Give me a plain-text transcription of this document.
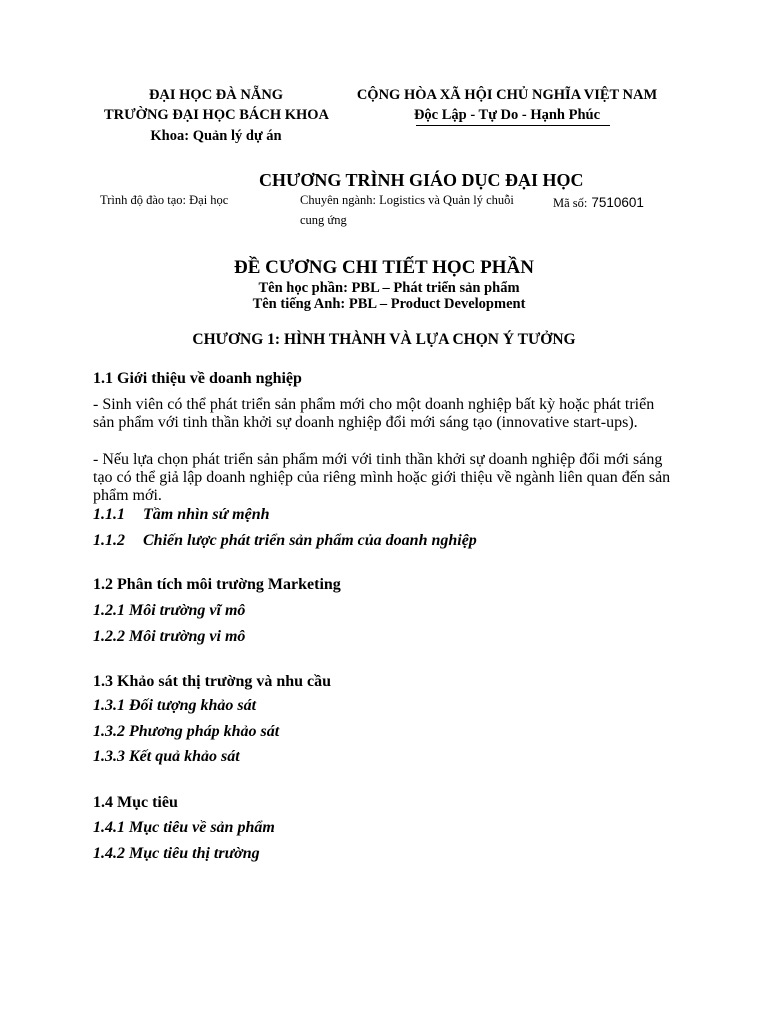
ĐẠI HỌC ĐÀ NẴNG
TRƯỜNG ĐẠI HỌC BÁCH KHOA
Khoa: Quản lý dự án
CỘNG HÒA XÃ HỘI CHỦ NGHĨA VIỆT NAM
Độc Lập - Tự Do - Hạnh Phúc
CHƯƠNG TRÌNH GIÁO DỤC ĐẠI HỌC
Trình độ đào tạo: Đại học	Chuyên ngành: Logistics và Quản lý chuỗi
cung ứng
Mã số: 7510601
ĐỀ CƯƠNG CHI TIẾT HỌC PHẦN
Tên học phần: PBL – Phát triển sản phẩm
Tên tiếng Anh: PBL – Product Development
CHƯƠNG 1: HÌNH THÀNH VÀ LỰA CHỌN Ý TƯỞNG
1.1 Giới thiệu về doanh nghiệp
- Sinh viên có thể phát triển sản phẩm mới cho một doanh nghiệp bất kỳ hoặc phát triển sản phẩm với tinh thần khởi sự doanh nghiệp đổi mới sáng tạo (innovative start-ups).
- Nếu lựa chọn phát triển sản phẩm mới với tinh thần khởi sự doanh nghiệp đổi mới sáng tạo có thể giả lập doanh nghiệp của riêng mình hoặc giới thiệu về ngành liên quan đến sản phẩm mới.
1.1.1 Tầm nhìn sứ mệnh
1.1.2 Chiến lược phát triển sản phẩm của doanh nghiệp
1.2 Phân tích môi trường Marketing
1.2.1 Môi trường vĩ mô
1.2.2 Môi trường vi mô
1.3 Khảo sát thị trường và nhu cầu
1.3.1 Đối tượng khảo sát
1.3.2 Phương pháp khảo sát
1.3.3 Kết quả khảo sát
1.4 Mục tiêu
1.4.1 Mục tiêu về sản phẩm
1.4.2 Mục tiêu thị trường
